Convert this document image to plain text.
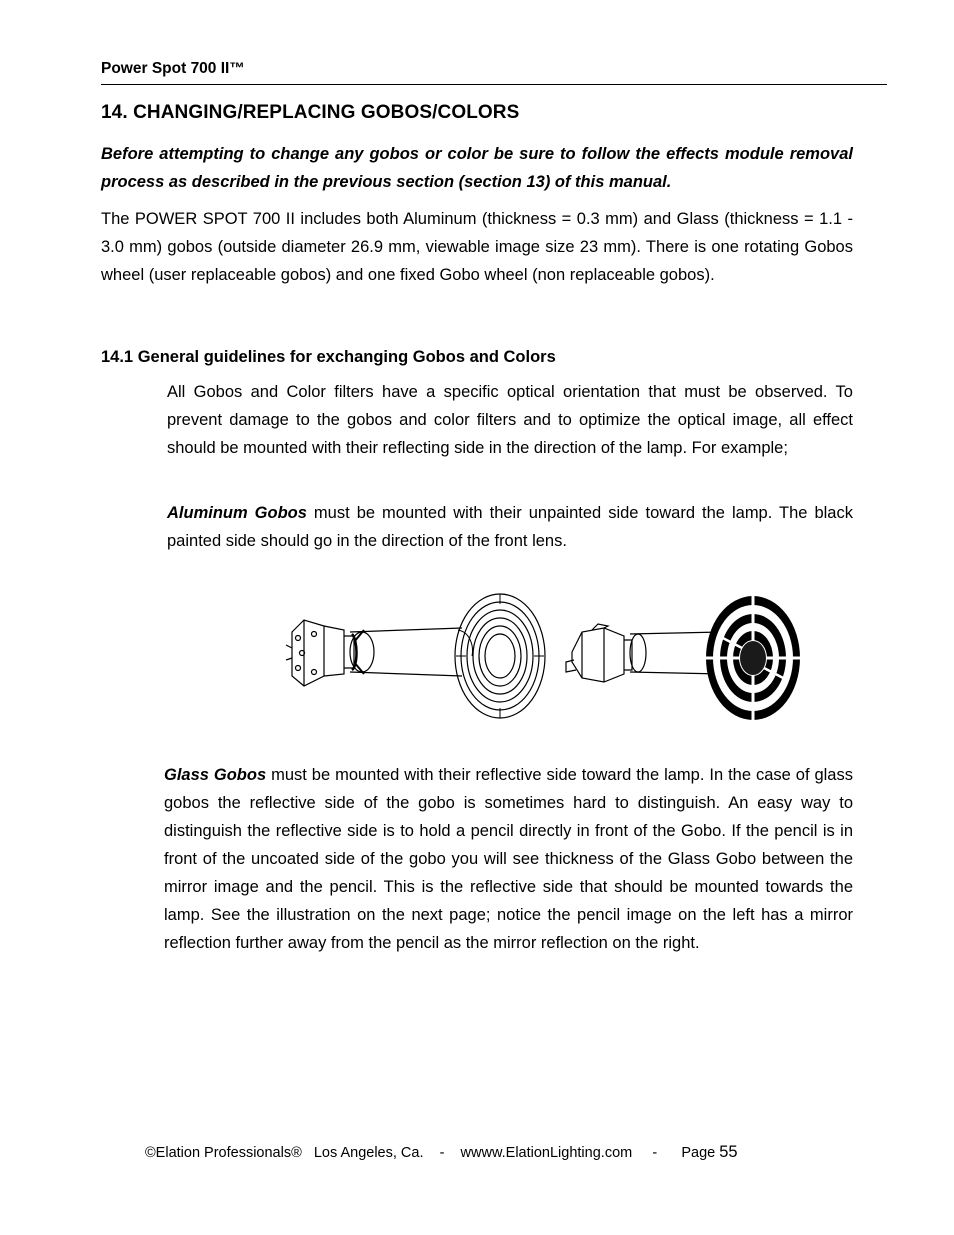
Power Spot 700 II™
14. CHANGING/REPLACING GOBOS/COLORS

Before attempting to change any gobos or color be sure to follow the effects module removal process as described in the previous section (section 13) of this manual.

The POWER SPOT 700 II includes both Aluminum (thickness = 0.3 mm) and Glass (thickness = 1.1 - 3.0 mm) gobos (outside diameter 26.9 mm, viewable image size 23 mm). There is one rotating Gobos wheel (user replaceable gobos) and one fixed Gobo wheel (non replaceable gobos).

14.1 General guidelines for exchanging Gobos and Colors

All Gobos and Color filters have a specific optical orientation that must be observed. To prevent damage to the gobos and color filters and to optimize the optical image, all effect should be mounted with their reflecting side in the direction of the lamp. For example;

Aluminum Gobos must be mounted with their unpainted side toward the lamp. The black painted side should go in the direction of the front lens.

Glass Gobos must be mounted with their reflective side toward the lamp. In the case of glass gobos the reflective side of the gobo is sometimes hard to distinguish. An easy way to distinguish the reflective side is to hold a pencil directly in front of the Gobo. If the pencil is in front of the uncoated side of the gobo you will see thickness of the Glass Gobo between the mirror image and the pencil. This is the reflective side that should be mounted towards the lamp. See the illustration on the next page; notice the pencil image on the left has a mirror reflection further away from the pencil as the mirror reflection on the right.

©Elation Professionals®   Los Angeles, Ca.    -    wwww.ElationLighting.com     -      Page 55
